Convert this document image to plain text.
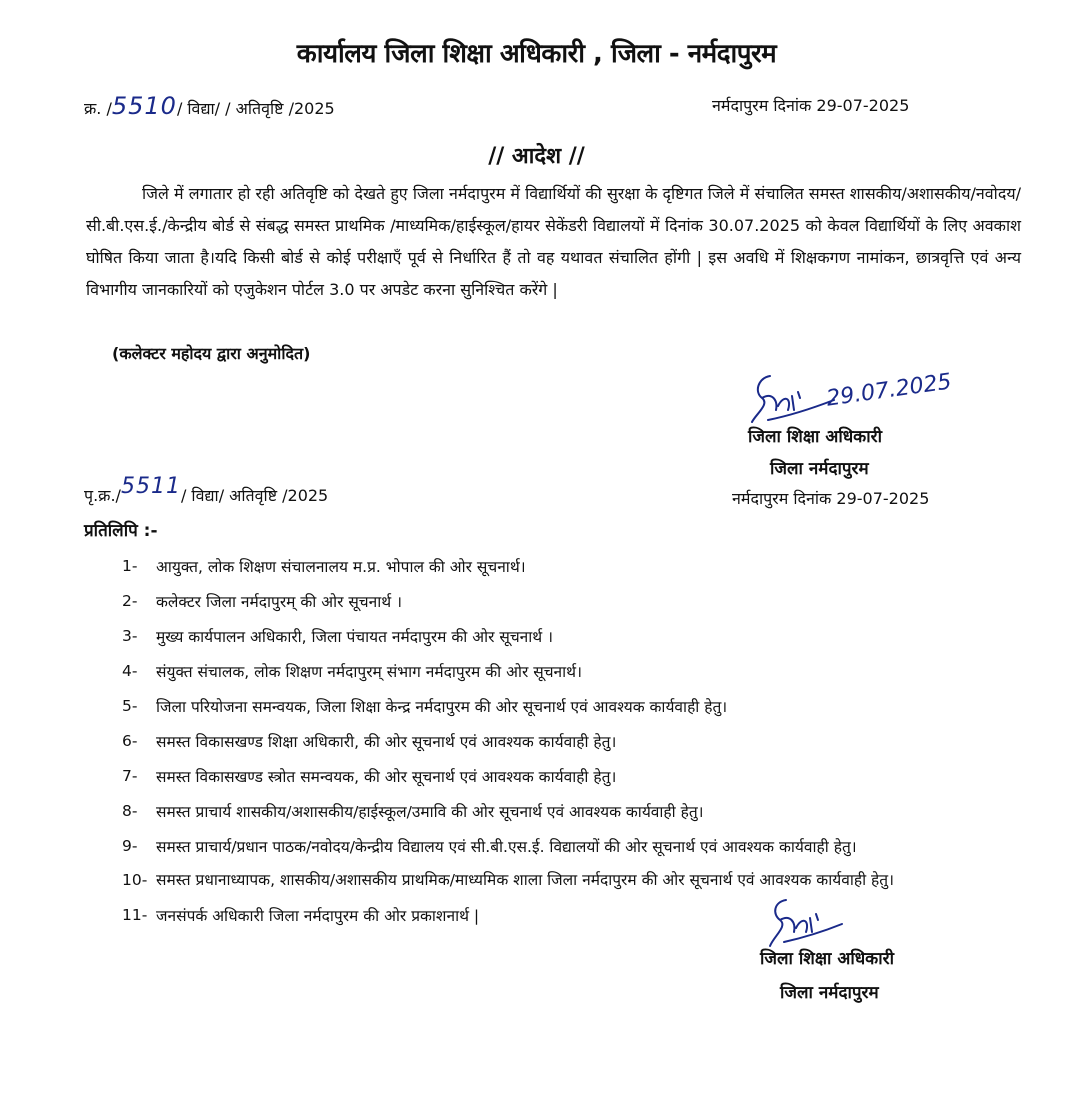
कार्यालय जिला शिक्षा अधिकारी , जिला - नर्मदापुरम
क्र. /5510/ विद्या/ / अतिवृष्टि /2025	नर्मदापुरम दिनांक 29-07-2025
// आदेश //

जिले में लगातार हो रही अतिवृष्टि को देखते हुए जिला नर्मदापुरम में विद्यार्थियों की सुरक्षा के दृष्टिगत जिले में संचालित समस्त शासकीय/अशासकीय/नवोदय/सी.बी.एस.ई./केन्द्रीय बोर्ड से संबद्ध समस्त प्राथमिक /माध्यमिक/हाईस्कूल/हायर सेकेंडरी विद्यालयों में दिनांक 30.07.2025 को केवल विद्यार्थियों के लिए अवकाश घोषित किया जाता है।यदि किसी बोर्ड से कोई परीक्षाएँ पूर्व से निर्धारित हैं तो वह यथावत संचालित होंगी | इस अवधि में शिक्षकगण नामांकन, छात्रवृत्ति एवं अन्य विभागीय जानकारियों को एजुकेशन पोर्टल 3.0 पर अपडेट करना सुनिश्चित करेंगे |

(कलेक्टर महोदय द्वारा अनुमोदित)
29.07.2025
जिला शिक्षा अधिकारी
जिला नर्मदापुरम
नर्मदापुरम दिनांक 29-07-2025
पृ.क्र./5511/ विद्या/ अतिवृष्टि /2025
प्रतिलिपि :-
1-	आयुक्त, लोक शिक्षण संचालनालय म.प्र. भोपाल की ओर सूचनार्थ।
2-	कलेक्टर जिला नर्मदापुरम् की ओर सूचनार्थ ।
3-	मुख्य कार्यपालन अधिकारी, जिला पंचायत नर्मदापुरम की ओर सूचनार्थ ।
4-	संयुक्त संचालक, लोक शिक्षण नर्मदापुरम् संभाग नर्मदापुरम की ओर सूचनार्थ।
5-	जिला परियोजना समन्वयक, जिला शिक्षा केन्द्र नर्मदापुरम की ओर सूचनार्थ एवं आवश्यक कार्यवाही हेतु।
6-	समस्त विकासखण्ड शिक्षा अधिकारी, की ओर सूचनार्थ एवं आवश्यक कार्यवाही हेतु।
7-	समस्त विकासखण्ड स्त्रोत समन्वयक, की ओर सूचनार्थ एवं आवश्यक कार्यवाही हेतु।
8-	समस्त प्राचार्य शासकीय/अशासकीय/हाईस्कूल/उमावि की ओर सूचनार्थ एवं आवश्यक कार्यवाही हेतु।
9-	समस्त प्राचार्य/प्रधान पाठक/नवोदय/केन्द्रीय विद्यालय एवं सी.बी.एस.ई. विद्यालयों की ओर सूचनार्थ एवं आवश्यक कार्यवाही हेतु।
10- समस्त प्रधानाध्यापक, शासकीय/अशासकीय प्राथमिक/माध्यमिक शाला जिला नर्मदापुरम की ओर सूचनार्थ एवं आवश्यक कार्यवाही हेतु।
11- जनसंपर्क अधिकारी जिला नर्मदापुरम की ओर प्रकाशनार्थ |
जिला शिक्षा अधिकारी
जिला नर्मदापुरम
